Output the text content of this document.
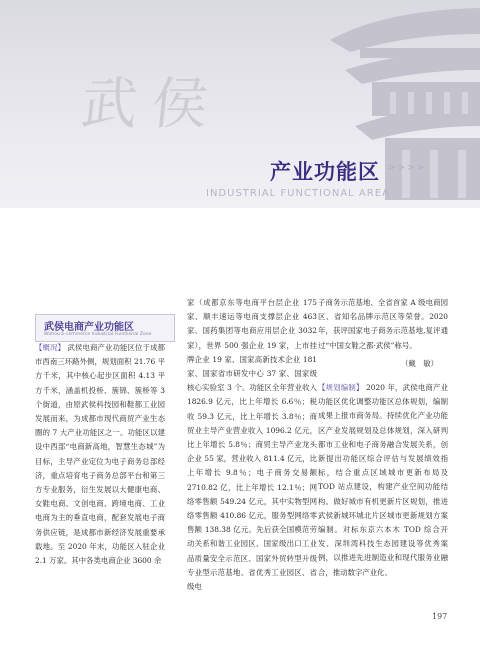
武侯
产业功能区 >>>>
INDUSTRIAL FUNCTIONAL AREA
武侯电商产业功能区
Wuhou E-commerce Industrial Functional Zone

【概况】 武侯电商产业功能区位于成都市西南三环路外侧，规划面积 21.76 平方千米，其中核心起步区面积 4.13 平方千米，涵盖机投桥、簇锦、簇桥等 3 个街道，由原武侯科技园和鞋都工业园发展而来，为成都市现代商贸产业生态圈的 7 大产业功能区之一。功能区以建设中西部“电商新高地，智慧生态城”为目标，主导产业定位为电子商务总部经济，重点培育电子商务总部平台和第三方专业服务，衍生发展以大健康电商、女鞋电商、文创电商、跨境电商、工业电商为主的垂直电商，配套发展电子商务供应链，是成都市新经济发展重要承载地。至 2020 年末，功能区入驻企业 2.1 万家。其中各类电商企业 3600 余

家（成都京东等电商平台层企业 175 家、顺丰速运等电商支撑层企业 463 家、国药集团等电商应用层企业 3032 家），世界 500 强企业 19 家，上市挂牌企业 19 家、国家高新技术企业 181 家、国家省市研发中心 37 家、国家级核心实验室 3 个。功能区全年营业收入 1826.9 亿元，比上年增长 6.6％；税收 59.3 亿元，比上年增长 3.8％；商贸业主导产业营业收入 1096.2 亿元，比上年增长 5.8％；商贸主导产业龙头企业 55 家，营业收入 811.4 亿元，比上年增长 9.8％；电子商务交易额 2710.82 亿，比上年增长 12.1％；网络零售额 549.24 亿元，其中实物型网络零售额 410.86 亿元，服务型网络零售额 138.38 亿元。先后获全国模范劳动关系和谐工业园区、国家级出口工业品质量安全示范区、国家外贸转型升级专业型示范基地、省优秀工业园区、省级电

子商务示范基地、全省首家 A 级电商园区、省知名品牌示范区等荣誉。2020 年，获评国家电子商务示范基地,复评通过“中国女鞋之都·武侯”称号。

（戴　敏）

【规划编制】 2020 年，武侯电商产业功能区优化调整功能区总体规划，编制成果上报市商务局。持续优化产业功能区产业发展规划及总体规划，深入研判都市工业和电子商务融合发展关系，创新提出功能区综合评估与发展绩效指标，结合重点区域城市更新布局及 TOD 站点建设，构建产业空间功能结构。做好城市有机更新片区规划，推进武侯新城环城北片区城市更新规划方案编制。对标东京六本木 TOD 综合开发、深圳湾科技生态园建设等优秀案例，以推进先进制造业和现代服务业融合，推动数字产业化、

197
